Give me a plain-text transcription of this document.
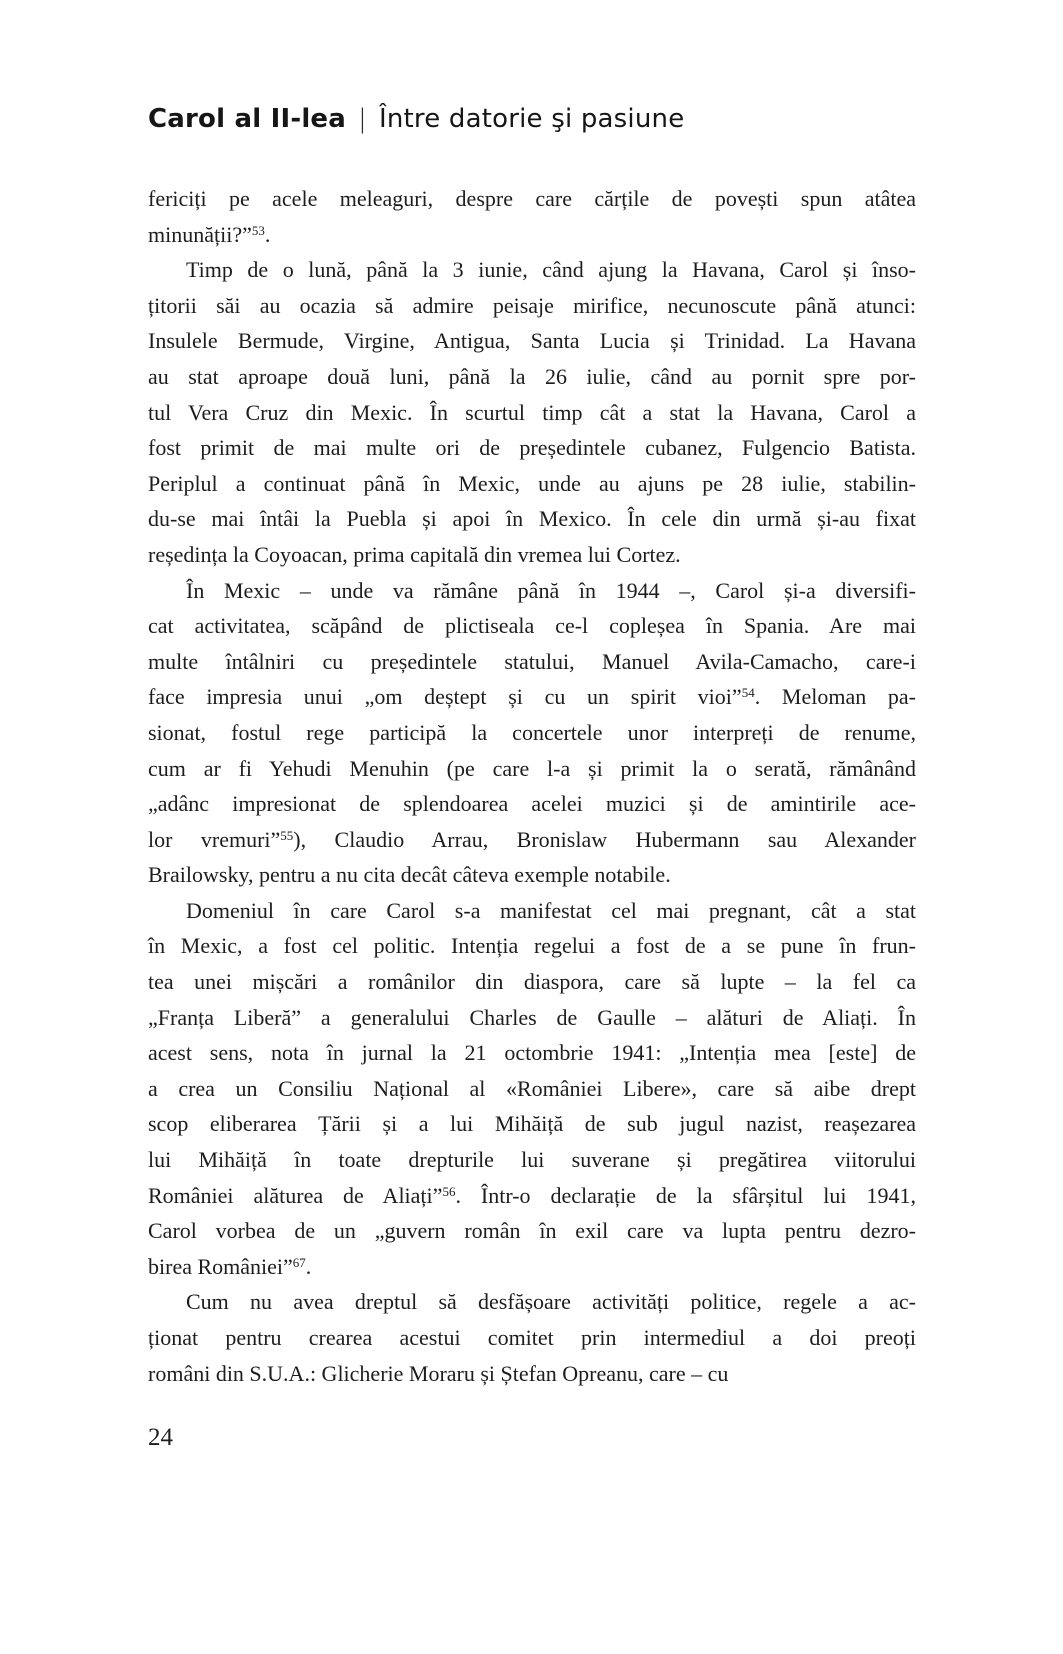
Carol al II-lea | Între datorie şi pasiune
fericiți pe acele meleaguri, despre care cărțile de povești spun atâtea
minunății?”$^{53}$.
Timp de o lună, până la 3 iunie, când ajung la Havana, Carol și înso-
țitorii săi au ocazia să admire peisaje mirifice, necunoscute până atunci:
Insulele Bermude, Virgine, Antigua, Santa Lucia și Trinidad. La Havana
au stat aproape două luni, până la 26 iulie, când au pornit spre por-
tul Vera Cruz din Mexic. În scurtul timp cât a stat la Havana, Carol a
fost primit de mai multe ori de președintele cubanez, Fulgencio Batista.
Periplul a continuat până în Mexic, unde au ajuns pe 28 iulie, stabilin-
du-se mai întâi la Puebla și apoi în Mexico. În cele din urmă și-au fixat
reședința la Coyoacan, prima capitală din vremea lui Cortez.
În Mexic – unde va rămâne până în 1944 –, Carol și-a diversifi-
cat activitatea, scăpând de plictiseala ce-l copleșea în Spania. Are mai
multe întâlniri cu președintele statului, Manuel Avila-Camacho, care-i
face impresia unui „om deștept și cu un spirit vioi”$^{54}$. Meloman pa-
sionat, fostul rege participă la concertele unor interpreți de renume,
cum ar fi Yehudi Menuhin (pe care l-a și primit la o serată, rămânând
„adânc impresionat de splendoarea acelei muzici și de amintirile ace-
lor vremuri”$^{55}$), Claudio Arrau, Bronislaw Hubermann sau Alexander
Brailowsky, pentru a nu cita decât câteva exemple notabile.
Domeniul în care Carol s-a manifestat cel mai pregnant, cât a stat
în Mexic, a fost cel politic. Intenția regelui a fost de a se pune în frun-
tea unei mișcări a românilor din diaspora, care să lupte – la fel ca
„Franța Liberă” a generalului Charles de Gaulle – alături de Aliați. În
acest sens, nota în jurnal la 21 octombrie 1941: „Intenția mea [este] de
a crea un Consiliu Național al «României Libere», care să aibe drept
scop eliberarea Țării și a lui Mihăiță de sub jugul nazist, reașezarea
lui Mihăiță în toate drepturile lui suverane și pregătirea viitorului
României alăturea de Aliați”$^{56}$. Într-o declarație de la sfârșitul lui 1941,
Carol vorbea de un „guvern român în exil care va lupta pentru dezro-
birea României”$^{67}$.
Cum nu avea dreptul să desfășoare activități politice, regele a ac-
ționat pentru crearea acestui comitet prin intermediul a doi preoți
români din S.U.A.: Glicherie Moraru și Ștefan Opreanu, care – cu
24
